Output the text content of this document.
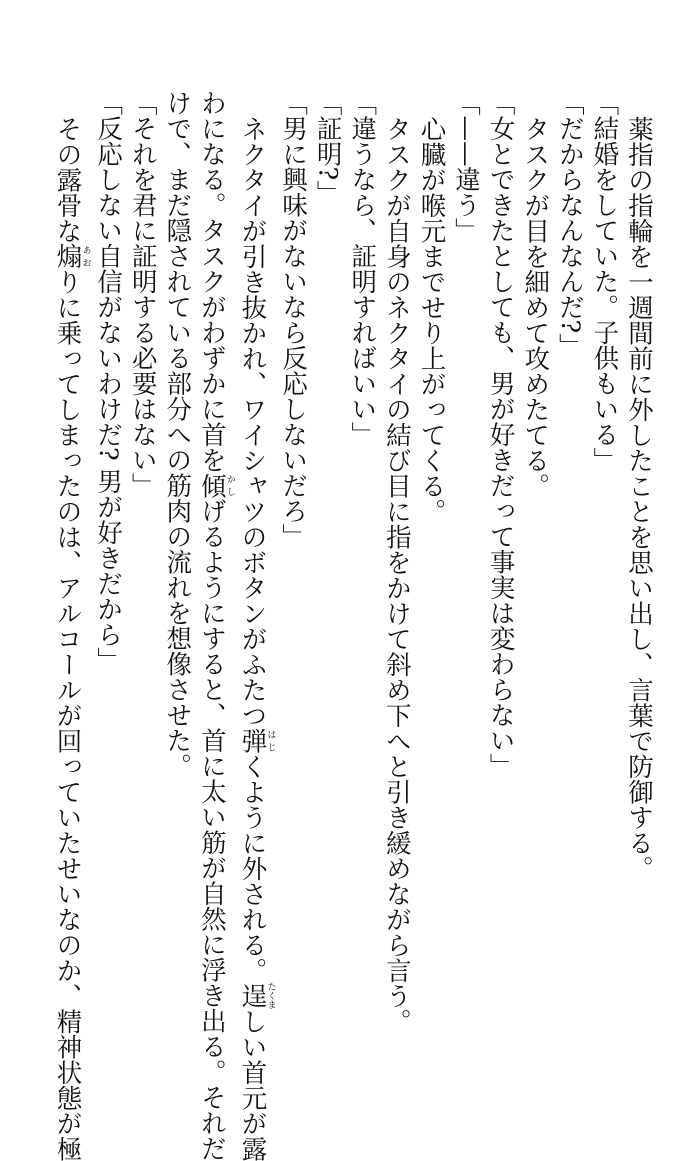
薬指の指輪を一週間前に外したことを思い出し、言葉で防御する。
「結婚をしていた。子供もいる」
「だからなんなんだ?」
タスクが目を細めて攻めたてる。
「女とできたとしても、男が好きだって事実は変わらない」
「——違う」
心臓が喉元までせり上がってくる。
タスクが自身のネクタイの結び目に指をかけて斜め下へと引き緩めながら言う。
「違うなら、証明すればいい」
「証明?」
「男に興味がないなら反応しないだろ」
ネクタイが引き抜かれ、ワイシャツのボタンがふたつ弾はじくように外される。逞たくましい首元が露
わになる。タスクがわずかに首を傾かしげるようにすると、首に太い筋が自然に浮き出る。それだ
けで、まだ隠されている部分への筋肉の流れを想像させた。
「それを君に証明する必要はない」
「反応しない自信がないわけだ? 男が好きだから」
その露骨な煽あおりに乗ってしまったのは、アルコールが回っていたせいなのか、精神状態が極
